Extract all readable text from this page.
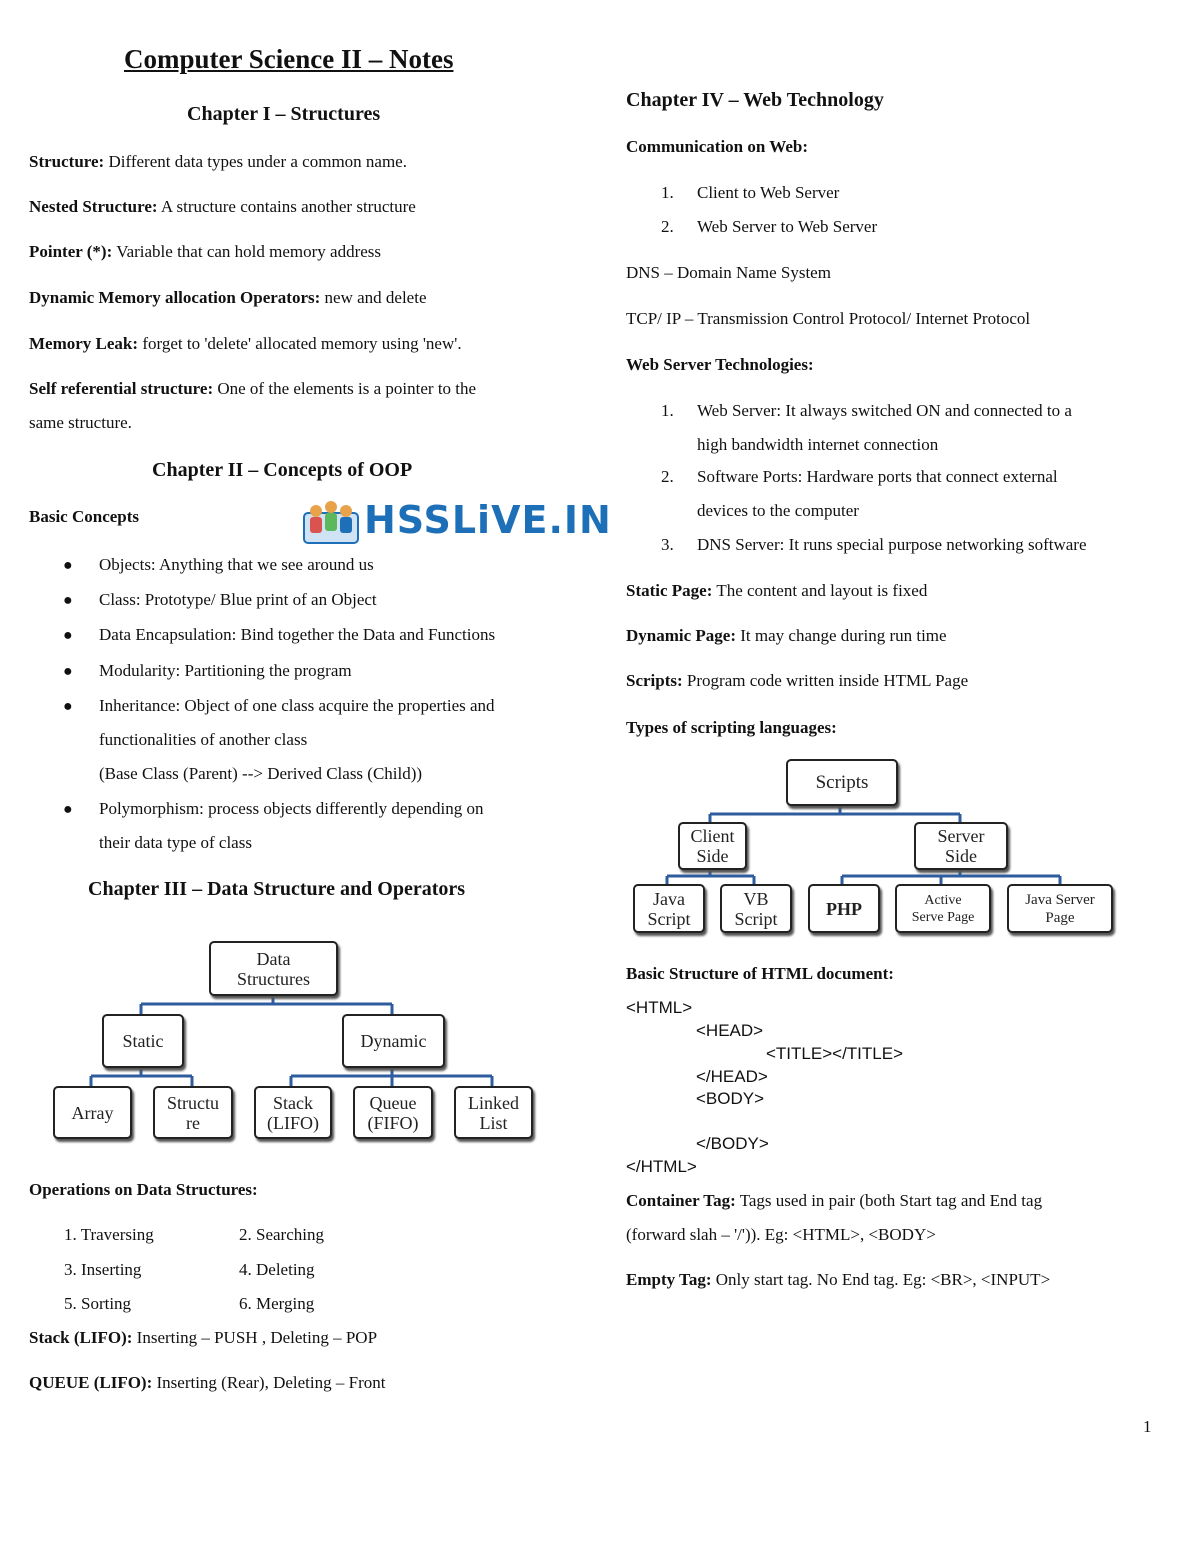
Computer Science II – Notes
Chapter I – Structures
Structure: Different data types under a common name.
Nested Structure: A structure contains another structure
Pointer (*): Variable that can hold memory address
Dynamic Memory allocation Operators: new and delete
Memory Leak: forget to 'delete' allocated memory using 'new'.
Self referential structure: One of the elements is a pointer to the
same structure.
Chapter II – Concepts of OOP
Basic Concepts	HSSLiVE.IN
● Objects: Anything that we see around us
● Class: Prototype/ Blue print of an Object
● Data Encapsulation: Bind together the Data and Functions
● Modularity: Partitioning the program
● Inheritance: Object of one class acquire the properties and
functionalities of another class
(Base Class (Parent) --> Derived Class (Child))
● Polymorphism: process objects differently depending on
their data type of class
Chapter III – Data Structure and Operators
Data
Structures
Static	Dynamic
Array	Structu
re
Stack
(LIFO)
Queue
(FIFO)
Linked
List
Operations on Data Structures:
1. Traversing	2. Searching
3. Inserting	4. Deleting
5. Sorting	6. Merging
Stack (LIFO): Inserting – PUSH , Deleting – POP
QUEUE (LIFO): Inserting (Rear), Deleting – Front
Chapter IV – Web Technology
Communication on Web:
1. Client to Web Server
2. Web Server to Web Server
DNS – Domain Name System
TCP/ IP – Transmission Control Protocol/ Internet Protocol
Web Server Technologies:
1. Web Server: It always switched ON and connected to a
high bandwidth internet connection
2. Software Ports: Hardware ports that connect external
devices to the computer
3. DNS Server: It runs special purpose networking software
Static Page: The content and layout is fixed
Dynamic Page: It may change during run time
Scripts: Program code written inside HTML Page
Types of scripting languages:
Scripts
Client
Side
Server
Side
Java
Script
VB
Script	PHP	Active
Serve Page
Java Server
Page
Basic Structure of HTML document:
<HTML>
<HEAD>
<TITLE></TITLE>
</HEAD>
<BODY>
</BODY>
</HTML>
Container Tag: Tags used in pair (both Start tag and End tag
(forward slah – '/')). Eg: <HTML>, <BODY>
Empty Tag: Only start tag. No End tag. Eg: <BR>, <INPUT>
1
